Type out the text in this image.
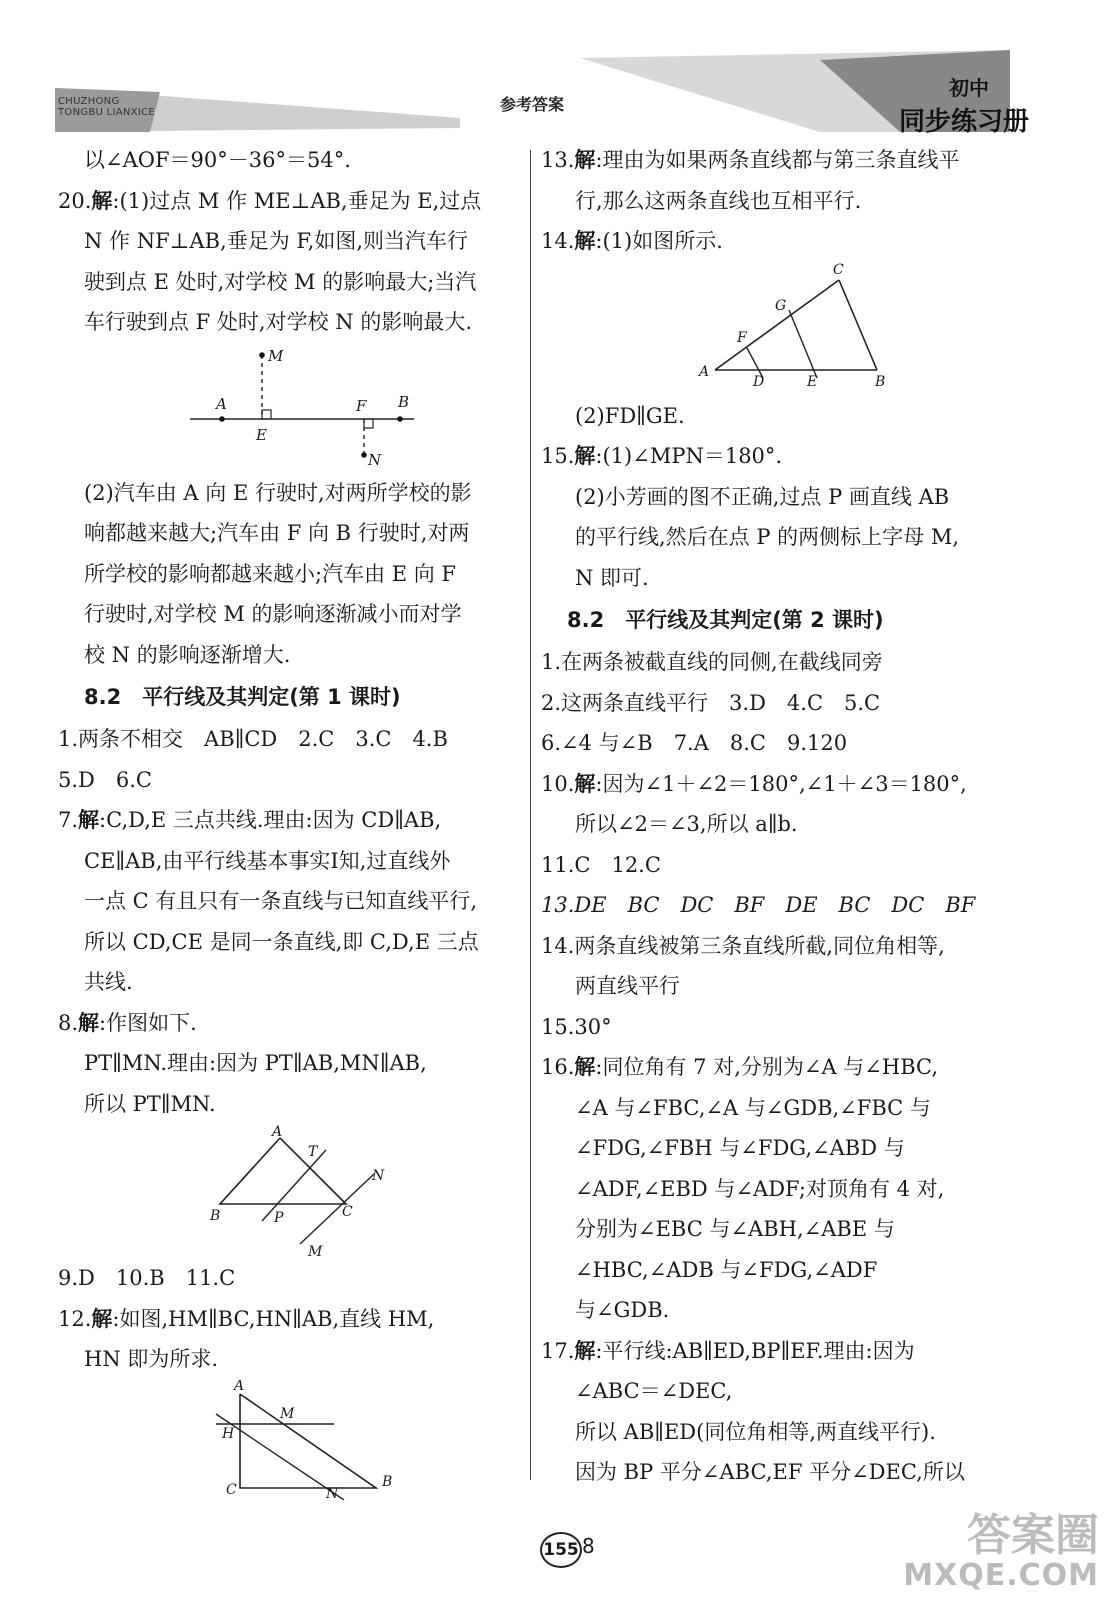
CHUZHONG
TONGBU LIANXICE	参考答案
初中
同步练习册
以∠AOF＝90°－36°＝54°.
20.解:(1)过点 M 作 ME⊥AB,垂足为 E,过点
N 作 NF⊥AB,垂足为 F,如图,则当汽车行
驶到点 E 处时,对学校 M 的影响最大;当汽
车行驶到点 F 处时,对学校 N 的影响最大.
M
A
E
F B
N
(2)汽车由 A 向 E 行驶时,对两所学校的影
响都越来越大;汽车由 F 向 B 行驶时,对两
所学校的影响都越来越小;汽车由 E 向 F
行驶时,对学校 M 的影响逐渐减小而对学
校 N 的影响逐渐增大.
8.2　平行线及其判定(第 1 课时)
1.两条不相交　AB∥CD　2.C　3.C　4.B
5.D　6.C
7.解:C,D,E 三点共线.理由:因为 CD∥AB,
CE∥AB,由平行线基本事实Ⅰ知,过直线外
一点 C 有且只有一条直线与已知直线平行,
所以 CD,CE 是同一条直线,即 C,D,E 三点
共线.
8.解:作图如下.
PT∥MN.理由:因为 PT∥AB,MN∥AB,
所以 PT∥MN.
A
T
N
B	P	C
M
9.D　10.B　11.C
12.解:如图,HM∥BC,HN∥AB,直线 HM,
HN 即为所求.
A
M
H
C	N
B
13.解:理由为如果两条直线都与第三条直线平
行,那么这两条直线也互相平行.
14.解:(1)如图所示.
C
G
F
A
D	E	B
(2)FD∥GE.
15.解:(1)∠MPN＝180°.
(2)小芳画的图不正确,过点 P 画直线 AB
的平行线,然后在点 P 的两侧标上字母 M,
N 即可.
8.2　平行线及其判定(第 2 课时)
1.在两条被截直线的同侧,在截线同旁
2.这两条直线平行　3.D　4.C　5.C
6.∠4 与∠B　7.A　8.C　9.120
10.解:因为∠1＋∠2＝180°,∠1＋∠3＝180°,
所以∠2＝∠3,所以 a∥b.
11.C　12.C
13.DE　BC　DC　BF　DE　BC　DC　BF
14.两条直线被第三条直线所截,同位角相等,
两直线平行
15.30°
16.解:同位角有 7 对,分别为∠A 与∠HBC,
∠A 与∠FBC,∠A 与∠GDB,∠FBC 与
∠FDG,∠FBH 与∠FDG,∠ABD 与
∠ADF,∠EBD 与∠ADF;对顶角有 4 对,
分别为∠EBC 与∠ABH,∠ABE 与
∠HBC,∠ADB 与∠FDG,∠ADF
与∠GDB.
17.解:平行线:AB∥ED,BP∥EF.理由:因为
∠ABC＝∠DEC,
所以 AB∥ED(同位角相等,两直线平行).
因为 BP 平分∠ABC,EF 平分∠DEC,所以
155 8	答案圈
MXQE.COM
